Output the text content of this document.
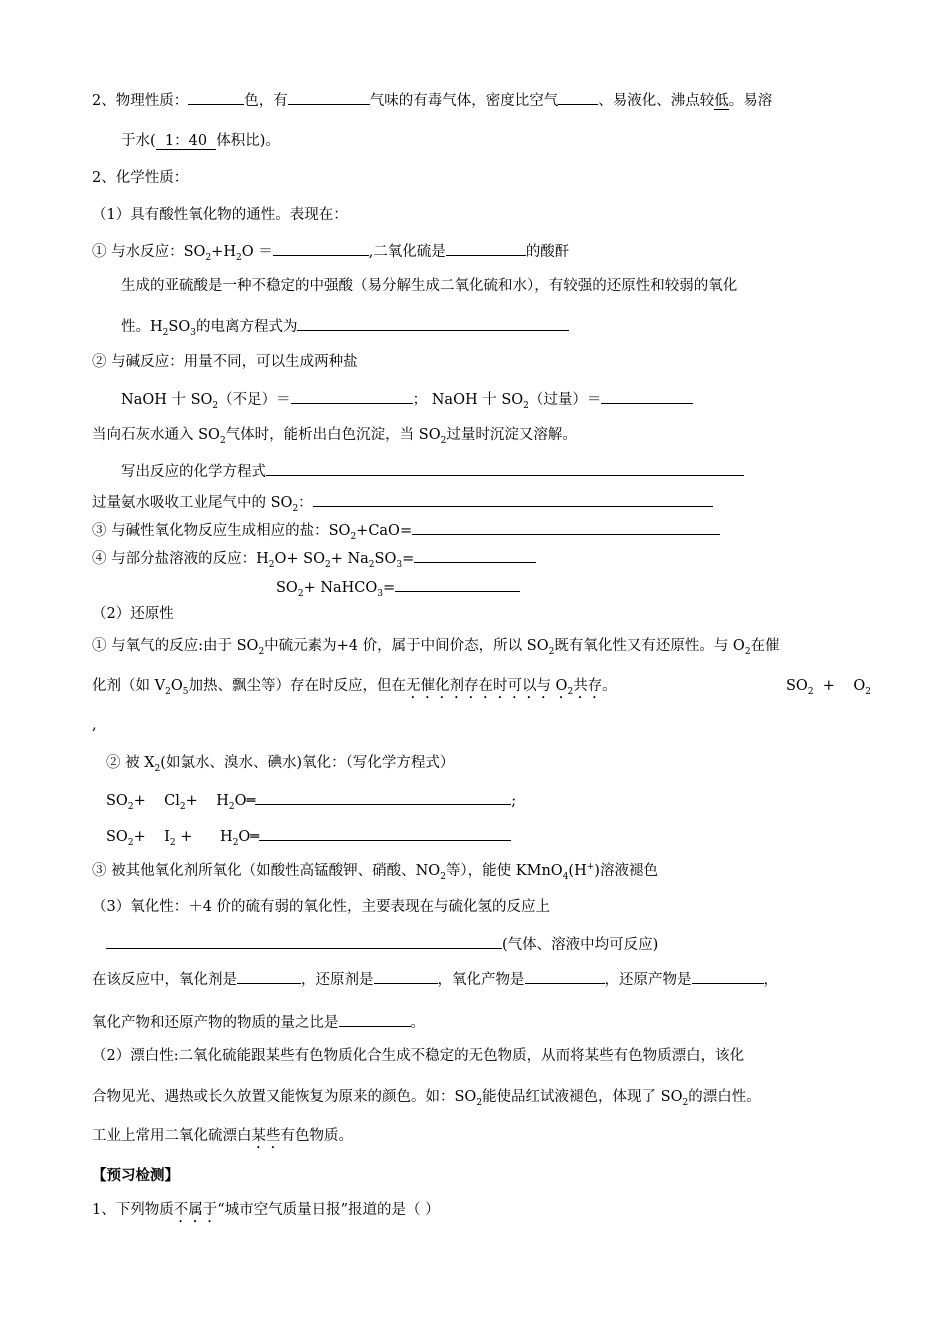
2、物理性质：	色，有	气味的有毒气体，密度比空气	、易液化、沸点较低。易溶
于水(  1：40  体积比)。
2、化学性质：
（1）具有酸性氧化物的通性。表现在：
① 与水反应：$SO_2+H_2O$ ＝	,二氧化硫是	的酸酐
生成的亚硫酸是一种不稳定的中强酸（易分解生成二氧化硫和水），有较强的还原性和较弱的氧化
性。$H_2SO_3$的电离方程式为
② 与碱反应：用量不同，可以生成两种盐
NaOH 十 $SO_2$（不足）＝	； NaOH 十 $SO_2$（过量）＝
当向石灰水通入 $SO_2$气体时，能析出白色沉淀，当 $SO_2$过量时沉淀又溶解。
写出反应的化学方程式
过量氨水吸收工业尾气中的 $SO_2$：
③ 与碱性氧化物反应生成相应的盐：$SO_2+CaO=$
④ 与部分盐溶液的反应：$H_2O+ SO_2+ Na_2SO_3=$
$SO_2+$ NaHCO$_3$=
（2）还原性
① 与氧气的反应:由于 $SO_2$中硫元素为+4 价，属于中间价态，所以 $SO_2$既有氧化性又有还原性。与 $O_2$在催
化剂（如 $V_2O_5$加热、飘尘等）存在时反应，但在无催化剂存在时可以与 $O_2$共存。	$SO_2$  +    $O_2$
,
② 被 $X_2$(如氯水、溴水、碘水)氧化：（写化学方程式）
$SO_2+$    $Cl_2+$    $H_2O═$	;
$SO_2+$    $I_2$ +      $H_2O═$
③ 被其他氧化剂所氧化（如酸性高锰酸钾、硝酸、$NO_2$等），能使 KMnO$_4$(H+)溶液褪色
（3）氧化性：＋4 价的硫有弱的氧化性，主要表现在与硫化氢的反应上
(气体、溶液中均可反应)
在该反应中，氧化剂是	，还原剂是	，氧化产物是	，还原产物是	，
氧化产物和还原产物的物质的量之比是	。
（2）漂白性:二氧化硫能跟某些有色物质化合生成不稳定的无色物质，从而将某些有色物质漂白，该化
合物见光、遇热或长久放置又能恢复为原来的颜色。如：$SO_2$能使品红试液褪色，体现了 $SO_2$的漂白性。
工业上常用二氧化硫漂白某些有色物质。
【预习检测】
1、下列物质不属于“城市空气质量日报”报道的是（ ）
